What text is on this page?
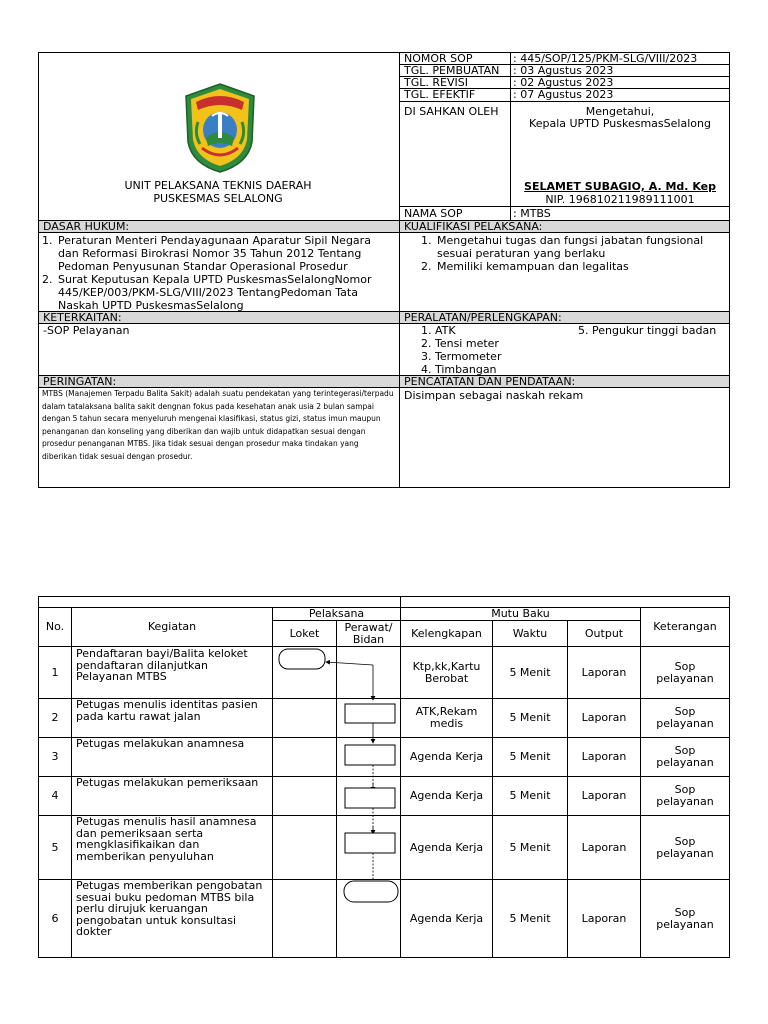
UNIT PELAKSANA TEKNIS DAERAH
PUSKESMAS SELALONG
NOMOR SOP	: 445/SOP/125/PKM-SLG/VIII/2023
TGL. PEMBUATAN : 03 Agustus 2023
TGL. REVISI	: 02 Agustus 2023
TGL. EFEKTIF	: 07 Agustus 2023
DI SAHKAN OLEH	Mengetahui,
Kepala UPTD PuskesmasSelalong
SELAMET SUBAGIO, A. Md. Kep
NIP. 196810211989111001
NAMA SOP	: MTBS
DASAR HUKUM:
1. Peraturan Menteri Pendayagunaan Aparatur Sipil Negara
dan Reformasi Birokrasi Nomor 35 Tahun 2012 Tentang
Pedoman Penyusunan Standar Operasional Prosedur
2. Surat Keputusan Kepala UPTD PuskesmasSelalongNomor
445/KEP/003/PKM-SLG/VIII/2023 TentangPedoman Tata
Naskah UPTD PuskesmasSelalong
KUALIFIKASI PELAKSANA:
1. Mengetahui tugas dan fungsi jabatan fungsional
sesuai peraturan yang berlaku
2. Memiliki kemampuan dan legalitas
KETERKAITAN:
-SOP Pelayanan
PERALATAN/PERLENGKAPAN:
1. ATK
2. Tensi meter
3. Termometer
4. Timbangan
5. Pengukur tinggi badan
PERINGATAN:
MTBS (Manajemen Terpadu Balita Sakit) adalah suatu pendekatan yang terintegerasi/terpadu dalam tatalaksana balita sakit dengnan fokus pada kesehatan anak usia 2 bulan sampai dengan 5 tahun secara menyeluruh mengenai klasifikasi, status gizi, status imun maupun penanganan dan konseling yang diberikan dan wajib untuk didapatkan sesuai dengan prosedur penanganan MTBS. Jika tidak sesuai dengan prosedur maka tindakan yang diberikan tidak sesuai dengan prosedur.
PENCATATAN DAN PENDATAAN:
Disimpan sebagai naskah rekam
No.	Kegiatan
Pelaksana
Loket	Perawat/ Bidan
Mutu Baku
Kelengkapan	Waktu	Output	Keterangan
1
Pendaftaran bayi/Balita keloket pendaftaran dilanjutkan Pelayanan MTBS
Ktp,kk,Kartu Berobat	5 Menit	Laporan	Sop pelayanan
2
Petugas menulis identitas pasien pada kartu rawat jalan	ATK,Rekam medis	5 Menit	Laporan	Sop pelayanan
3
Petugas melakukan anamnesa
Agenda Kerja	5 Menit	Laporan	Sop pelayanan
4
Petugas melakukan pemeriksaan
Agenda Kerja	5 Menit	Laporan	Sop pelayanan
5
Petugas menulis hasil anamnesa dan pemeriksaan serta mengklasifikaikan dan memberikan penyuluhan
Agenda Kerja	5 Menit	Laporan	Sop pelayanan
6
Petugas memberikan pengobatan sesuai buku pedoman MTBS bila perlu dirujuk keruangan pengobatan untuk konsultasi dokter
Agenda Kerja	5 Menit	Laporan	Sop pelayanan
